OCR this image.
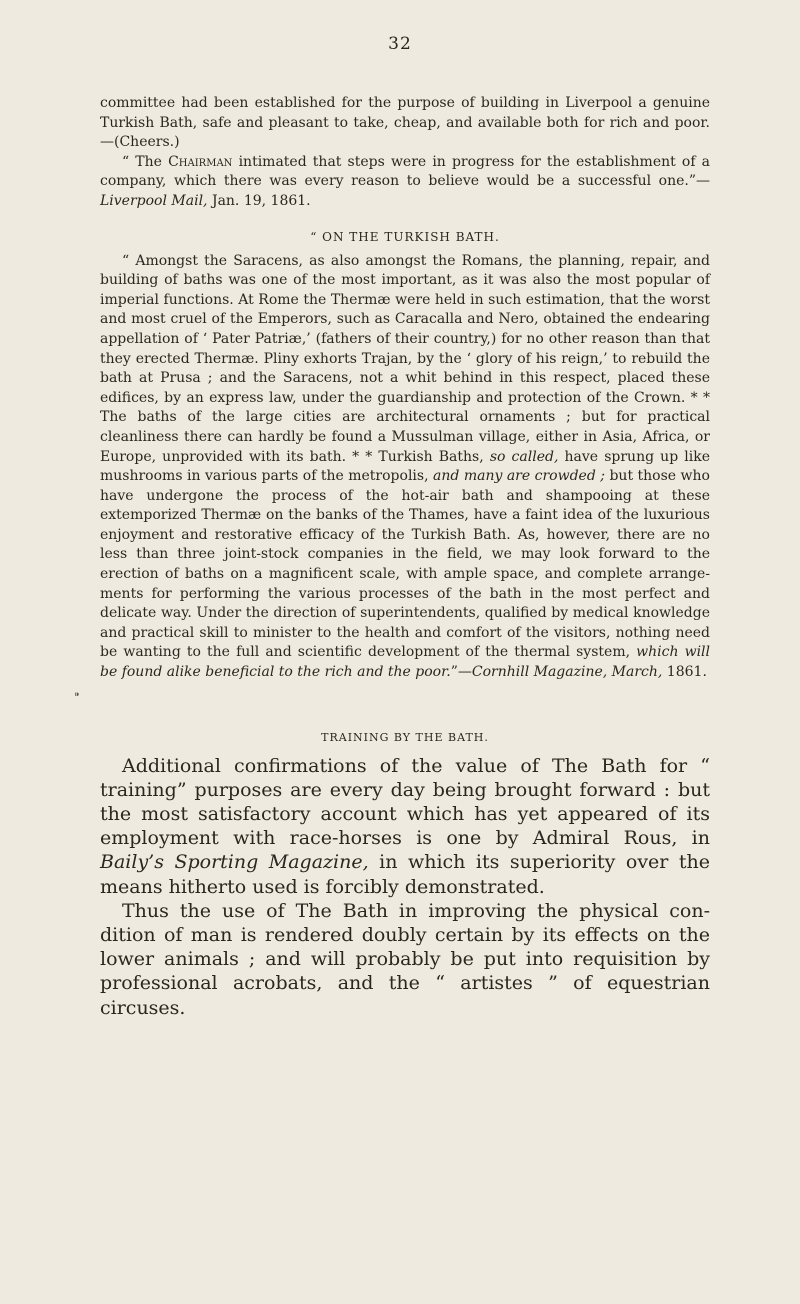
32
⁍

committee had been established for the purpose of building in Liverpool a genuine Turkish Bath, safe and pleasant to take, cheap, and available both for rich and poor.—(Cheers.)

“ The Chairman intimated that steps were in progress for the establishment of a company, which there was every reason to believe would be a successful one.”—Liverpool Mail, Jan. 19, 1861.

“ ON THE TURKISH BATH.

“ Amongst the Saracens, as also amongst the Romans, the planning, repair, and building of baths was one of the most important, as it was also the most popular of imperial functions. At Rome the Thermæ were held in such estimation, that the worst and most cruel of the Emperors, such as Caracalla and Nero, obtained the endearing appellation of ‘ Pater Patriæ,’ (fathers of their country,) for no other reason than that they erected Thermæ. Pliny exhorts Trajan, by the ‘ glory of his reign,’ to rebuild the bath at Prusa ; and the Saracens, not a whit behind in this respect, placed these edifices, by an express law, under the guardianship and protection of the Crown. * * The baths of the large cities are architectural ornaments ; but for practical cleanliness there can hardly be found a Mussulman village, either in Asia, Africa, or Europe, unprovided with its bath. * * Turkish Baths, so called, have sprung up like mushrooms in various parts of the metropolis, and many are crowded ; but those who have undergone the process of the hot-air bath and shampooing at these extemporized Thermæ on the banks of the Thames, have a faint idea of the luxurious enjoyment and restorative efficacy of the Turkish Bath. As, however, there are no less than three joint-stock companies in the field, we may look forward to the erection of baths on a magnificent scale, with ample space, and complete arrange- ments for performing the various processes of the bath in the most perfect and delicate way. Under the direction of superintendents, qualified by medical knowledge and practical skill to minister to the health and comfort of the visitors, nothing need be wanting to the full and scientific development of the thermal system, which will be found alike beneficial to the rich and the poor.”—Cornhill Magazine, March, 1861.

TRAINING BY THE BATH.

Additional confirmations of the value of The Bath for “ training” purposes are every day being brought forward : but the most satisfactory account which has yet appeared of its employment with race-horses is one by Admiral Rous, in Baily’s Sporting Magazine, in which its superiority over the means hitherto used is forcibly demonstrated.

Thus the use of The Bath in improving the physical con- dition of man is rendered doubly certain by its effects on the lower animals ; and will probably be put into requisition by professional acrobats, and the “ artistes ” of equestrian circuses.
